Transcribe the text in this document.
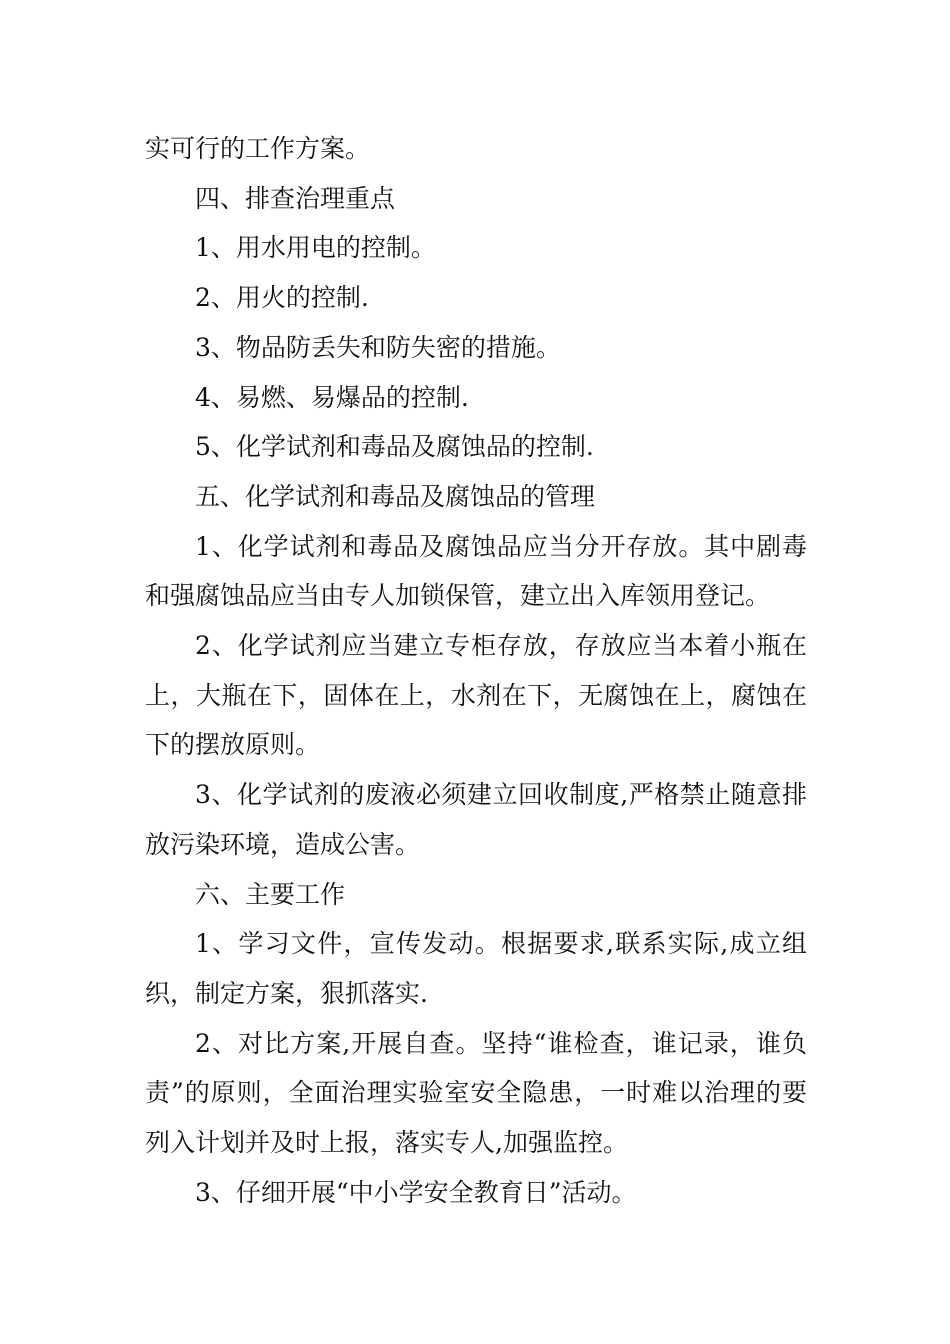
实可行的工作方案。

四、排查治理重点

1、用水用电的控制。

2、用火的控制.

3、物品防丢失和防失密的措施。

4、易燃、易爆品的控制.

5、化学试剂和毒品及腐蚀品的控制.

五、化学试剂和毒品及腐蚀品的管理

1、化学试剂和毒品及腐蚀品应当分开存放。其中剧毒和强腐蚀品应当由专人加锁保管，建立出入库领用登记。

2、化学试剂应当建立专柜存放，存放应当本着小瓶在上，大瓶在下，固体在上，水剂在下，无腐蚀在上，腐蚀在下的摆放原则。

3、化学试剂的废液必须建立回收制度,严格禁止随意排放污染环境，造成公害。

六、主要工作

1、学习文件，宣传发动。根据要求,联系实际,成立组织，制定方案，狠抓落实.

2、对比方案,开展自查。坚持“谁检查，谁记录，谁负责”的原则，全面治理实验室安全隐患，一时难以治理的要列入计划并及时上报，落实专人,加强监控。

3、仔细开展“中小学安全教育日”活动。
